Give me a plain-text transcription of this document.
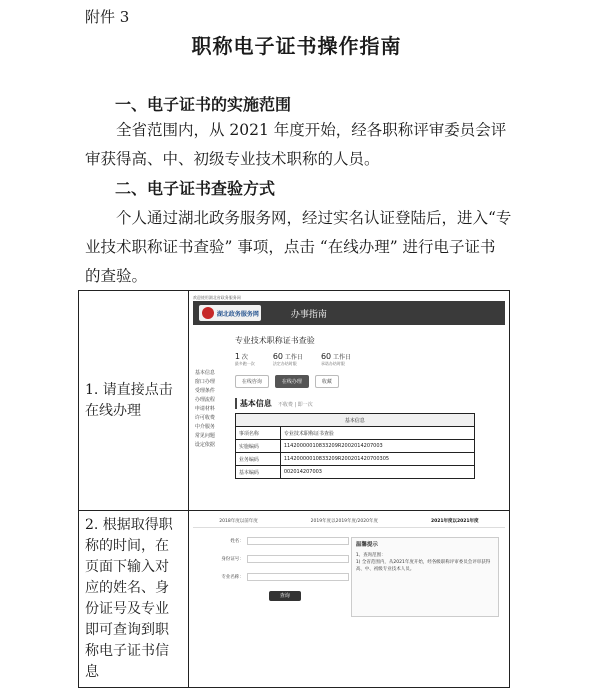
附件 3
职称电子证书操作指南
一、电子证书的实施范围
全省范围内，从 2021 年度开始，经各职称评审委员会评
审获得高、中、初级专业技术职称的人员。
二、电子证书查验方式
个人通过湖北政务服务网，经过实名认证登陆后，进入“专
业技术职称证书查验” 事项，点击 “在线办理” 进行电子证书
的查验。
1. 请直接点击在线办理	
欢迎使用湖北省政务服务网
湖北政务服务网	办事指南
基本信息
窗口办理
受理条件
办理流程
申请材料
许可收费
中介服务
常见问题
设定依据
专业技术职称证书查验
1 次
最多跑一次
60 工作日
法定办结时限
60 工作日
承诺办结时限
在线咨询	在线办理	收藏
基本信息 不收费 | 即一次
基本信息
事项名称	专业技术职称证书查验
实施编码	11420000010833209R2002014207003
业务编码	11420000010833209R200201420700305
基本编码	002014207003

2. 根据取得职称的时间，在页面下输入对应的姓名、身份证号及专业即可查询到职称电子证书信息	
2018年度以前年度	2019年度以2019年度/2020年度	2021年度以2021年度
姓名：
身份证号：
专业名称：
查询
温馨提示
1、查询范围：
1) 全省范围内，从2021年度开始，经各级职称评审委员会评审获得高、中、初级专业技术人员。
